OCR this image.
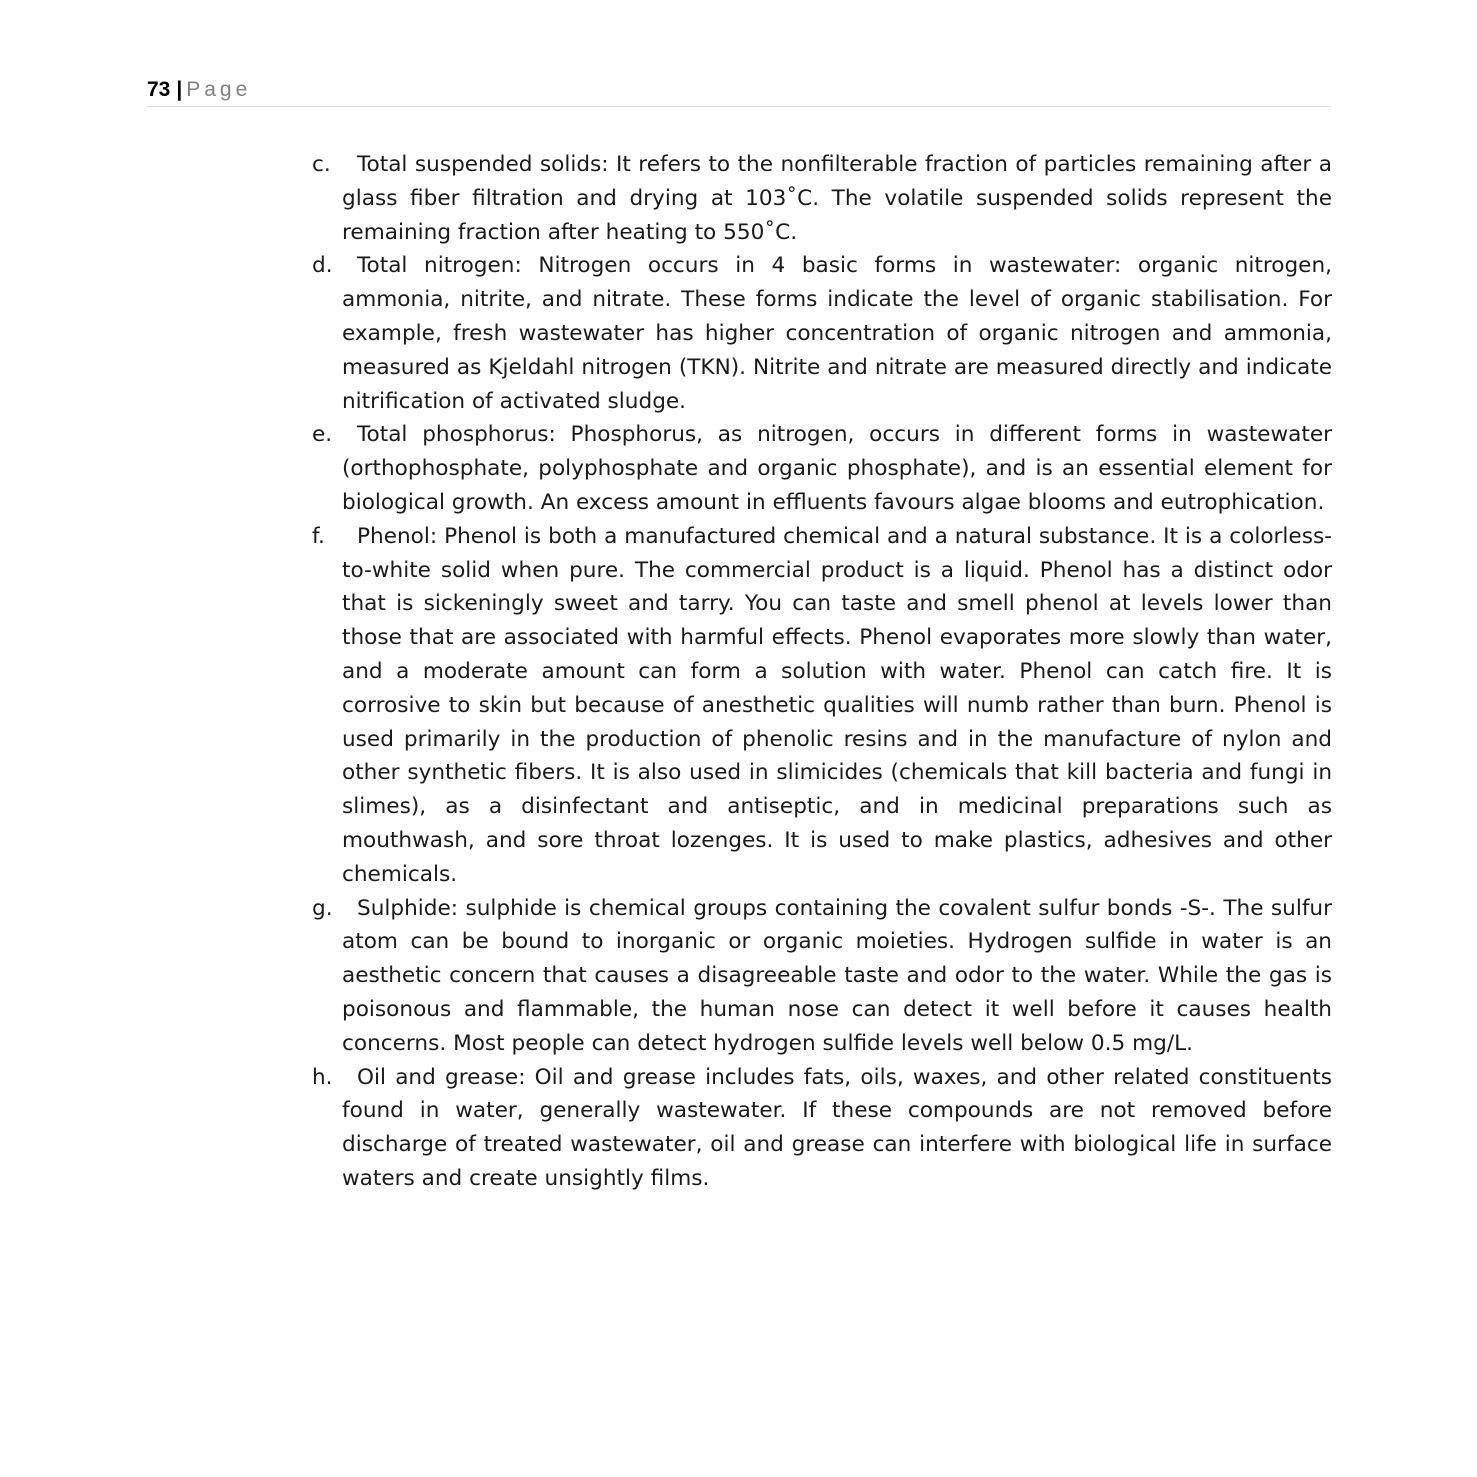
73 | Page
c.	Total suspended solids: It refers to the nonfilterable fraction of particles remaining after a glass fiber filtration and drying at 103˚C. The volatile suspended solids represent the remaining fraction after heating to 550˚C.
d.	Total nitrogen: Nitrogen occurs in 4 basic forms in wastewater: organic nitrogen, ammonia, nitrite, and nitrate. These forms indicate the level of organic stabilisation. For example, fresh wastewater has higher concentration of organic nitrogen and ammonia, measured as Kjeldahl nitrogen (TKN). Nitrite and nitrate are measured directly and indicate nitrification of activated sludge.
e.	Total phosphorus: Phosphorus, as nitrogen, occurs in different forms in wastewater (orthophosphate, polyphosphate and organic phosphate), and is an essential element for biological growth. An excess amount in effluents favours algae blooms and eutrophication.
f.	Phenol: Phenol is both a manufactured chemical and a natural substance. It is a colorless-to-white solid when pure. The commercial product is a liquid. Phenol has a distinct odor that is sickeningly sweet and tarry. You can taste and smell phenol at levels lower than those that are associated with harmful effects. Phenol evaporates more slowly than water, and a moderate amount can form a solution with water. Phenol can catch fire. It is corrosive to skin but because of anesthetic qualities will numb rather than burn. Phenol is used primarily in the production of phenolic resins and in the manufacture of nylon and other synthetic fibers. It is also used in slimicides (chemicals that kill bacteria and fungi in slimes), as a disinfectant and antiseptic, and in medicinal preparations such as mouthwash, and sore throat lozenges. It is used to make plastics, adhesives and other chemicals.
g.	Sulphide: sulphide is chemical groups containing the covalent sulfur bonds -S-. The sulfur atom can be bound to inorganic or organic moieties. Hydrogen sulfide in water is an aesthetic concern that causes a disagreeable taste and odor to the water. While the gas is poisonous and flammable, the human nose can detect it well before it causes health concerns. Most people can detect hydrogen sulfide levels well below 0.5 mg/L.
h.	Oil and grease: Oil and grease includes fats, oils, waxes, and other related constituents found in water, generally wastewater. If these compounds are not removed before discharge of treated wastewater, oil and grease can interfere with biological life in surface waters and create unsightly films.
